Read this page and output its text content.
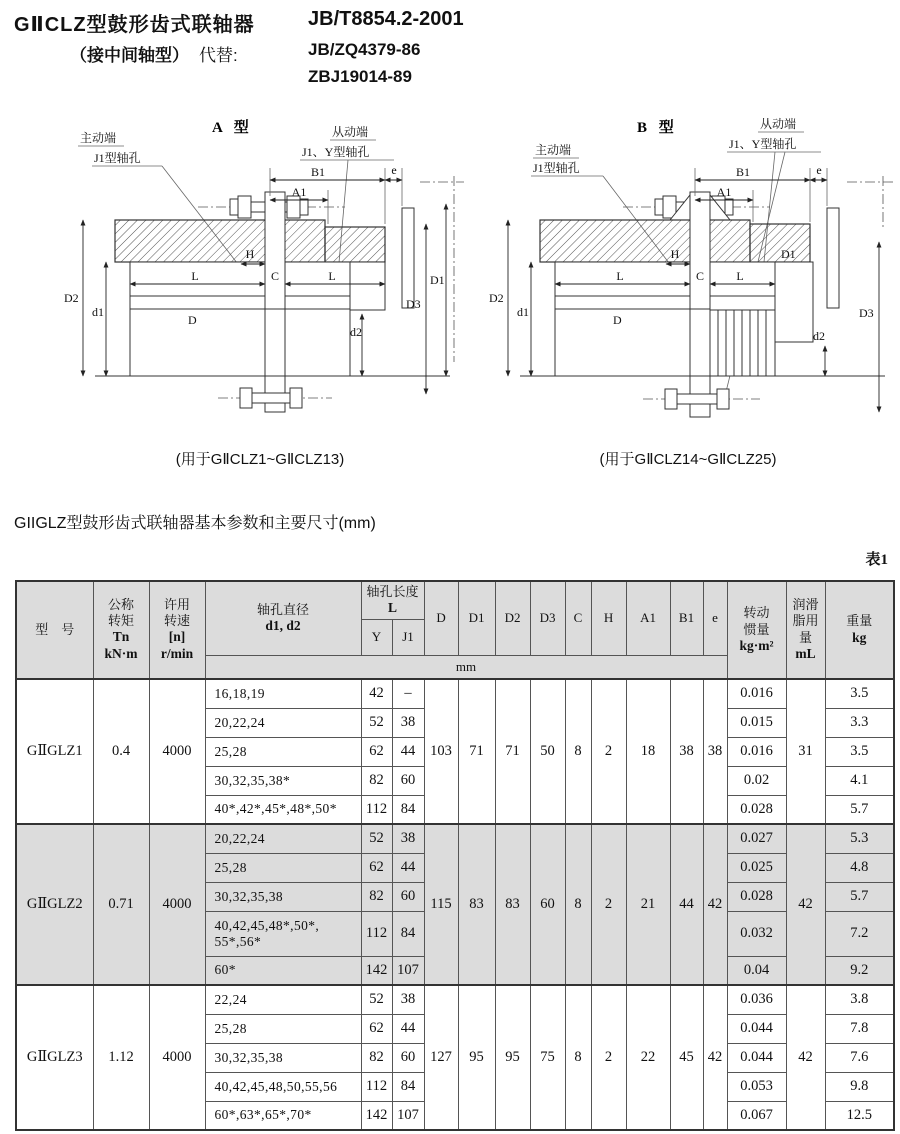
GⅡCLZ型鼓形齿式联轴器
（接中间轴型） 代替:
JB/T8854.2-2001
JB/ZQ4379-86
ZBJ19014-89
A 型
主动端
J1型轴孔
从动端
J1、Y型轴孔
B1
A1
e
H
L	C	L
D2
d1
D
d2
D3
D1
(用于GⅡCLZ1~GⅡCLZ13)
B 型
主动端
J1型轴孔
从动端
J1、Y型轴孔
B1
A1
e
H
L	C	L
D1
D2
d1
D
d2
D3
(用于GⅡCLZ14~GⅡCLZ25)
GIIGLZ型鼓形齿式联轴器基本参数和主要尺寸(mm)
表1
型　号	公称
转矩
Tn
kN·m	许用
转速
[n]
r/min	轴孔直径
d1, d2	轴孔长度
L		D	D1	D2	D3	C	H	A1	B1	e	转动
惯量
kg·m²	润滑
脂用
量
mL	重量
kg
				Y	J1												
			mm														
GⅡGLZ1	0.4	4000	16,18,19	42	–	103	71	71	50	8	2	18	38	38	0.016	31	3.5
			20,22,24	52	38										0.015		3.3
			25,28	62	44										0.016		3.5
			30,32,35,38*	82	60										0.02		4.1
			40*,42*,45*,48*,50*	112	84										0.028		5.7
GⅡGLZ2	0.71	4000	20,22,24	52	38	115	83	83	60	8	2	21	44	42	0.027	42	5.3
			25,28	62	44										0.025		4.8
			30,32,35,38	82	60										0.028		5.7
			40,42,45,48*,50*,
55*,56*	112	84										0.032		7.2
			60*	142	107										0.04		9.2
GⅡGLZ3	1.12	4000	22,24	52	38	127	95	95	75	8	2	22	45	42	0.036	42	3.8
			25,28	62	44										0.044		7.8
			30,32,35,38	82	60										0.044		7.6
			40,42,45,48,50,55,56	112	84										0.053		9.8
			60*,63*,65*,70*	142	107										0.067		12.5
